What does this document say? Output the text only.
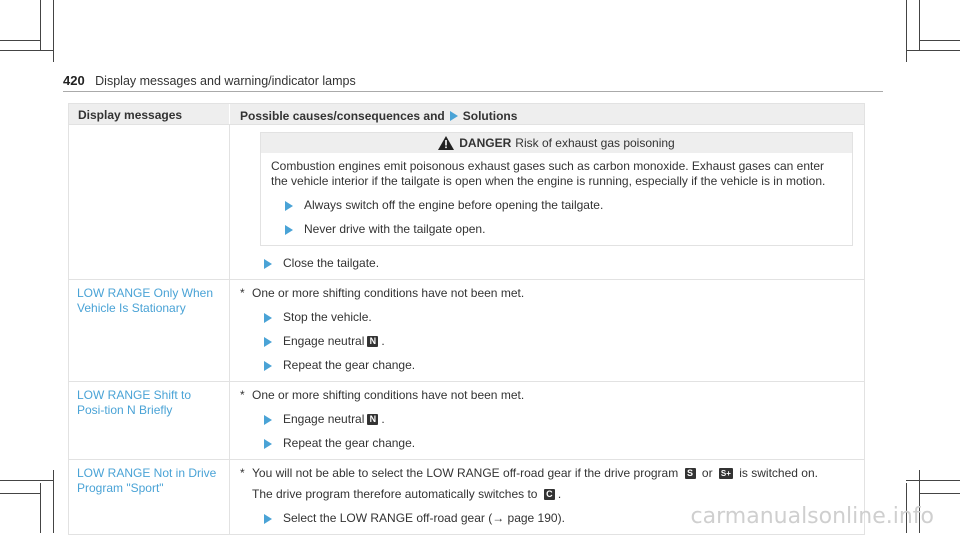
420 Display messages and warning/indicator lamps
Display messages	Possible causes/consequences and Solutions
DANGER Risk of exhaust gas poisoning
Combustion engines emit poisonous exhaust gases such as carbon monoxide. Exhaust gases can enter the vehicle interior if the tailgate is open when the engine is running, especially if the vehicle is in motion.
Always switch off the engine before opening the tailgate.
Never drive with the tailgate open.
Close the tailgate.
LOW RANGE Only When Vehicle Is Stationary
* One or more shifting conditions have not been met.
Stop the vehicle.
Engage neutral N .
Repeat the gear change.
LOW RANGE Shift to Posi-tion N Briefly
* One or more shifting conditions have not been met.
Engage neutral N .
Repeat the gear change.
LOW RANGE Not in Drive Program "Sport"
* You will not be able to select the LOW RANGE off-road gear if the drive program S or S+ is switched on.
The drive program therefore automatically switches to C .
Select the LOW RANGE off-road gear (→ page 190).	carmanualsonline.info
